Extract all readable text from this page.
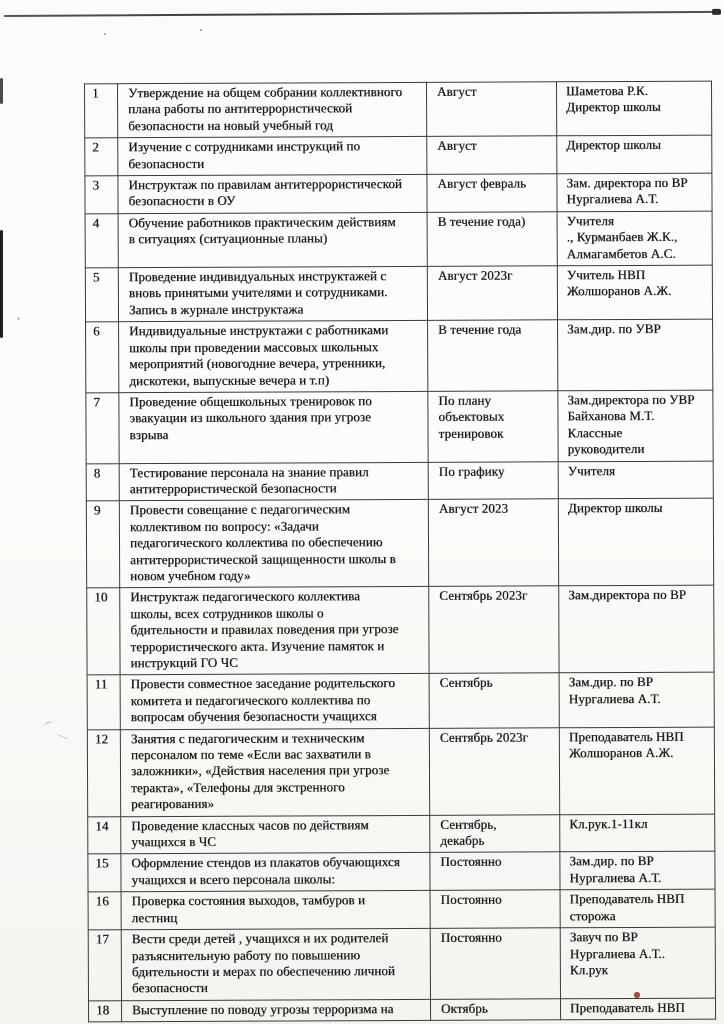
1	Утверждение на общем собрании коллективного
плана работы по антитеррористической
безопасности на новый учебный год	Август	Шаметова Р.К.
Директор школы
2	Изучение с сотрудниками инструкций по
безопасности	Август	Директор школы
3	Инструктаж по правилам антитеррористической
безопасности в ОУ	Август февраль	Зам. директора по ВР
Нургалиева А.Т.
4	Обучение работников практическим действиям
в ситуациях (ситуационные планы)	В течение года)	Учителя
., Курманбаев Ж.К.,
Алмагамбетов А.С.
5	Проведение индивидуальных инструктажей с
вновь принятыми учителями и сотрудниками.
Запись в журнале инструктажа	Август 2023г	Учитель НВП
Жолшоранов А.Ж.
6	Индивидуальные инструктажи с работниками
школы при проведении массовых школьных
мероприятий (новогодние вечера, утренники,
дискотеки, выпускные вечера и т.п)	В течение года	Зам.дир. по УВР
7	Проведение общешкольных тренировок по
эвакуации из школьного здания при угрозе
взрыва	По плану
объектовых
тренировок	Зам.директора по УВР
Байханова М.Т.
Классные
руководители
8	Тестирование персонала на знание правил
антитеррористической безопасности	По графику	Учителя
9	Провести совещание с педагогическим
коллективом по вопросу: «Задачи
педагогического коллектива по обеспечению
антитеррористической защищенности школы в
новом учебном году»	Август 2023	Директор школы
10	Инструктаж педагогического коллектива
школы, всех сотрудников школы о
бдительности и правилах поведения при угрозе
террористического акта. Изучение памяток и
инструкций ГО ЧС	Сентябрь 2023г	Зам.директора по ВР
11	Провести совместное заседание родительского
комитета и педагогического коллектива по
вопросам обучения безопасности учащихся	Сентябрь	Зам.дир. по ВР
Нургалиева А.Т.
12	Занятия с педагогическим и техническим
персоналом по теме «Если вас захватили в
заложники», «Действия населения при угрозе
теракта», «Телефоны для экстренного
реагирования»	Сентябрь 2023г	Преподаватель НВП
Жолшоранов А.Ж.
14	Проведение классных часов по действиям
учащихся в ЧС	Сентябрь,
декабрь	Кл.рук.1-11кл
15	Оформление стендов из плакатов обучающихся
учащихся и всего персонала школы:	Постоянно	Зам.дир. по ВР
Нургалиева А.Т.
16	Проверка состояния выходов, тамбуров и
лестниц	Постоянно	Преподаватель НВП
сторожа
17	Вести среди детей , учащихся и их родителей
разъяснительную работу по повышению
бдительности и мерах по обеспечению личной
безопасности	Постоянно	Завуч по ВР
Нургалиева А.Т..
Кл.рук
18	Выступление по поводу угрозы терроризма на	Октябрь	Преподаватель НВП
